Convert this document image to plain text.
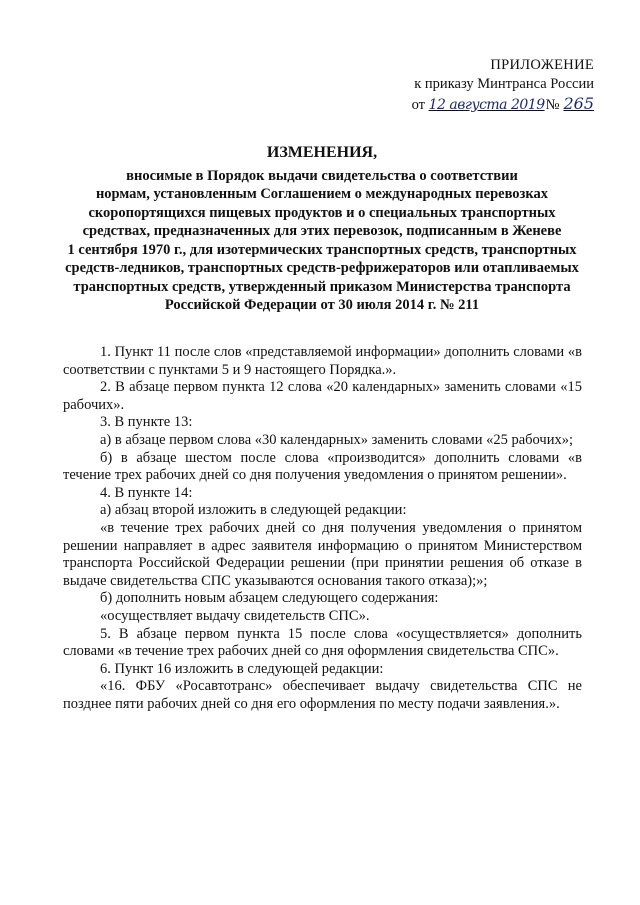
ПРИЛОЖЕНИЕ
к приказу Минтранса России
от 12 августа 2019№ 265
ИЗМЕНЕНИЯ,
вносимые в Порядок выдачи свидетельства о соответствии
нормам, установленным Соглашением о международных перевозках
скоропортящихся пищевых продуктов и о специальных транспортных
средствах, предназначенных для этих перевозок, подписанным в Женеве
1 сентября 1970 г., для изотермических транспортных средств, транспортных
средств-ледников, транспортных средств-рефрижераторов или отапливаемых
транспортных средств, утвержденный приказом Министерства транспорта
Российской Федерации от 30 июля 2014 г. № 211

1. Пункт 11 после слов «представляемой информации» дополнить словами «в соответствии с пунктами 5 и 9 настоящего Порядка.».

2. В абзаце первом пункта 12 слова «20 календарных» заменить словами «15 рабочих».

3. В пункте 13:

а) в абзаце первом слова «30 календарных» заменить словами «25 рабочих»;

б) в абзаце шестом после слова «производится» дополнить словами «в течение трех рабочих дней со дня получения уведомления о принятом решении».

4. В пункте 14:

а) абзац второй изложить в следующей редакции:

«в течение трех рабочих дней со дня получения уведомления о принятом решении направляет в адрес заявителя информацию о принятом Министерством транспорта Российской Федерации решении (при принятии решения об отказе в выдаче свидетельства СПС указываются основания такого отказа);»;

б) дополнить новым абзацем следующего содержания:

«осуществляет выдачу свидетельств СПС».

5. В абзаце первом пункта 15 после слова «осуществляется» дополнить словами «в течение трех рабочих дней со дня оформления свидетельства СПС».

6. Пункт 16 изложить в следующей редакции:

«16. ФБУ «Росавтотранс» обеспечивает выдачу свидетельства СПС не позднее пяти рабочих дней со дня его оформления по месту подачи заявления.».
